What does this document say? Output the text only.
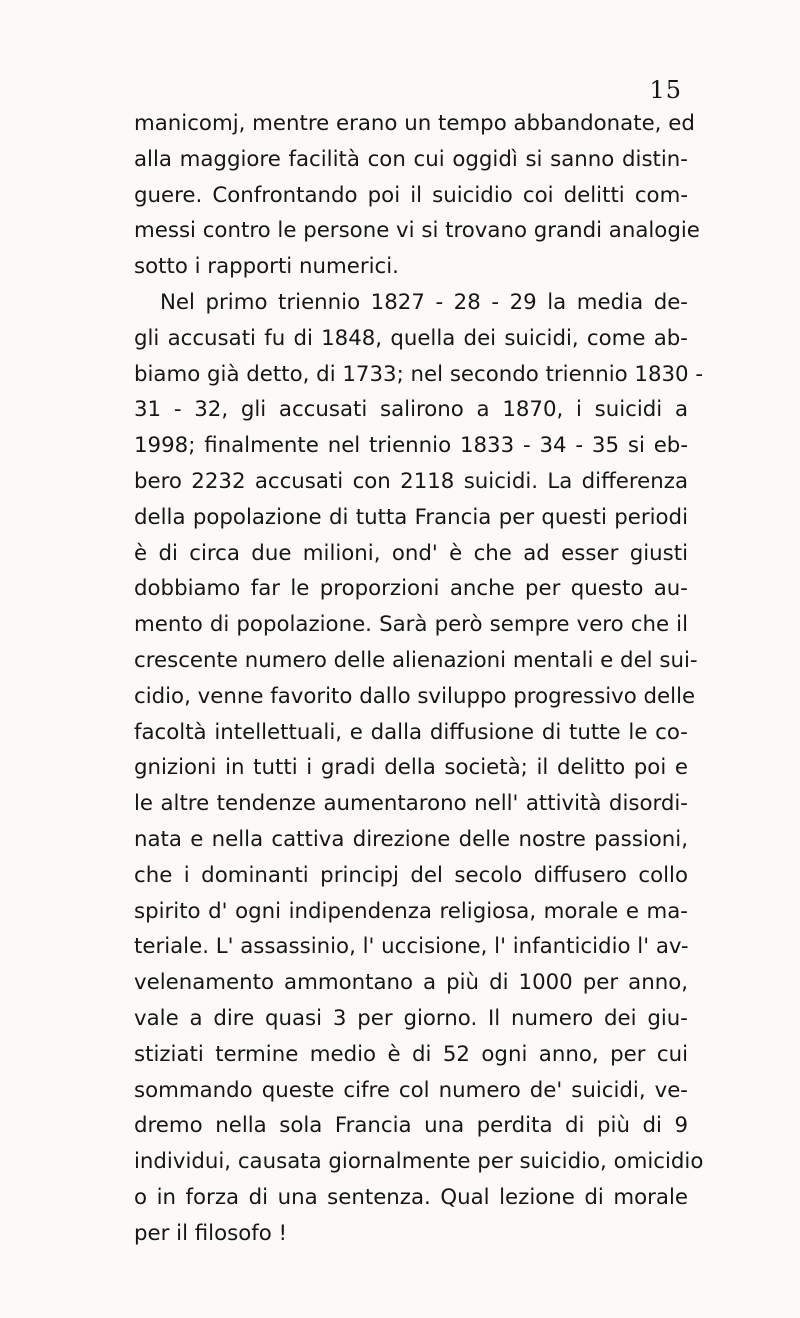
15
manicomj, mentre erano un tempo abbandonate, ed
alla maggiore facilità con cui oggidì si sanno distin-
guere. Confrontando poi il suicidio coi delitti com-
messi contro le persone vi si trovano grandi analogie
sotto i rapporti numerici.
Nel primo triennio 1827 - 28 - 29 la media de-
gli accusati fu di 1848, quella dei suicidi, come ab-
biamo già detto, di 1733; nel secondo triennio 1830 -
31 - 32, gli accusati salirono a 1870, i suicidi a
1998; finalmente nel triennio 1833 - 34 - 35 si eb-
bero 2232 accusati con 2118 suicidi. La differenza
della popolazione di tutta Francia per questi periodi
è di circa due milioni, ond' è che ad esser giusti
dobbiamo far le proporzioni anche per questo au-
mento di popolazione. Sarà però sempre vero che il
crescente numero delle alienazioni mentali e del sui-
cidio, venne favorito dallo sviluppo progressivo delle
facoltà intellettuali, e dalla diffusione di tutte le co-
gnizioni in tutti i gradi della società; il delitto poi e
le altre tendenze aumentarono nell' attività disordi-
nata e nella cattiva direzione delle nostre passioni,
che i dominanti principj del secolo diffusero collo
spirito d' ogni indipendenza religiosa, morale e ma-
teriale. L' assassinio, l' uccisione, l' infanticidio l' av-
velenamento ammontano a più di 1000 per anno,
vale a dire quasi 3 per giorno. Il numero dei giu-
stiziati termine medio è di 52 ogni anno, per cui
sommando queste cifre col numero de' suicidi, ve-
dremo nella sola Francia una perdita di più di 9
individui, causata giornalmente per suicidio, omicidio
o in forza di una sentenza. Qual lezione di morale
per il filosofo !
